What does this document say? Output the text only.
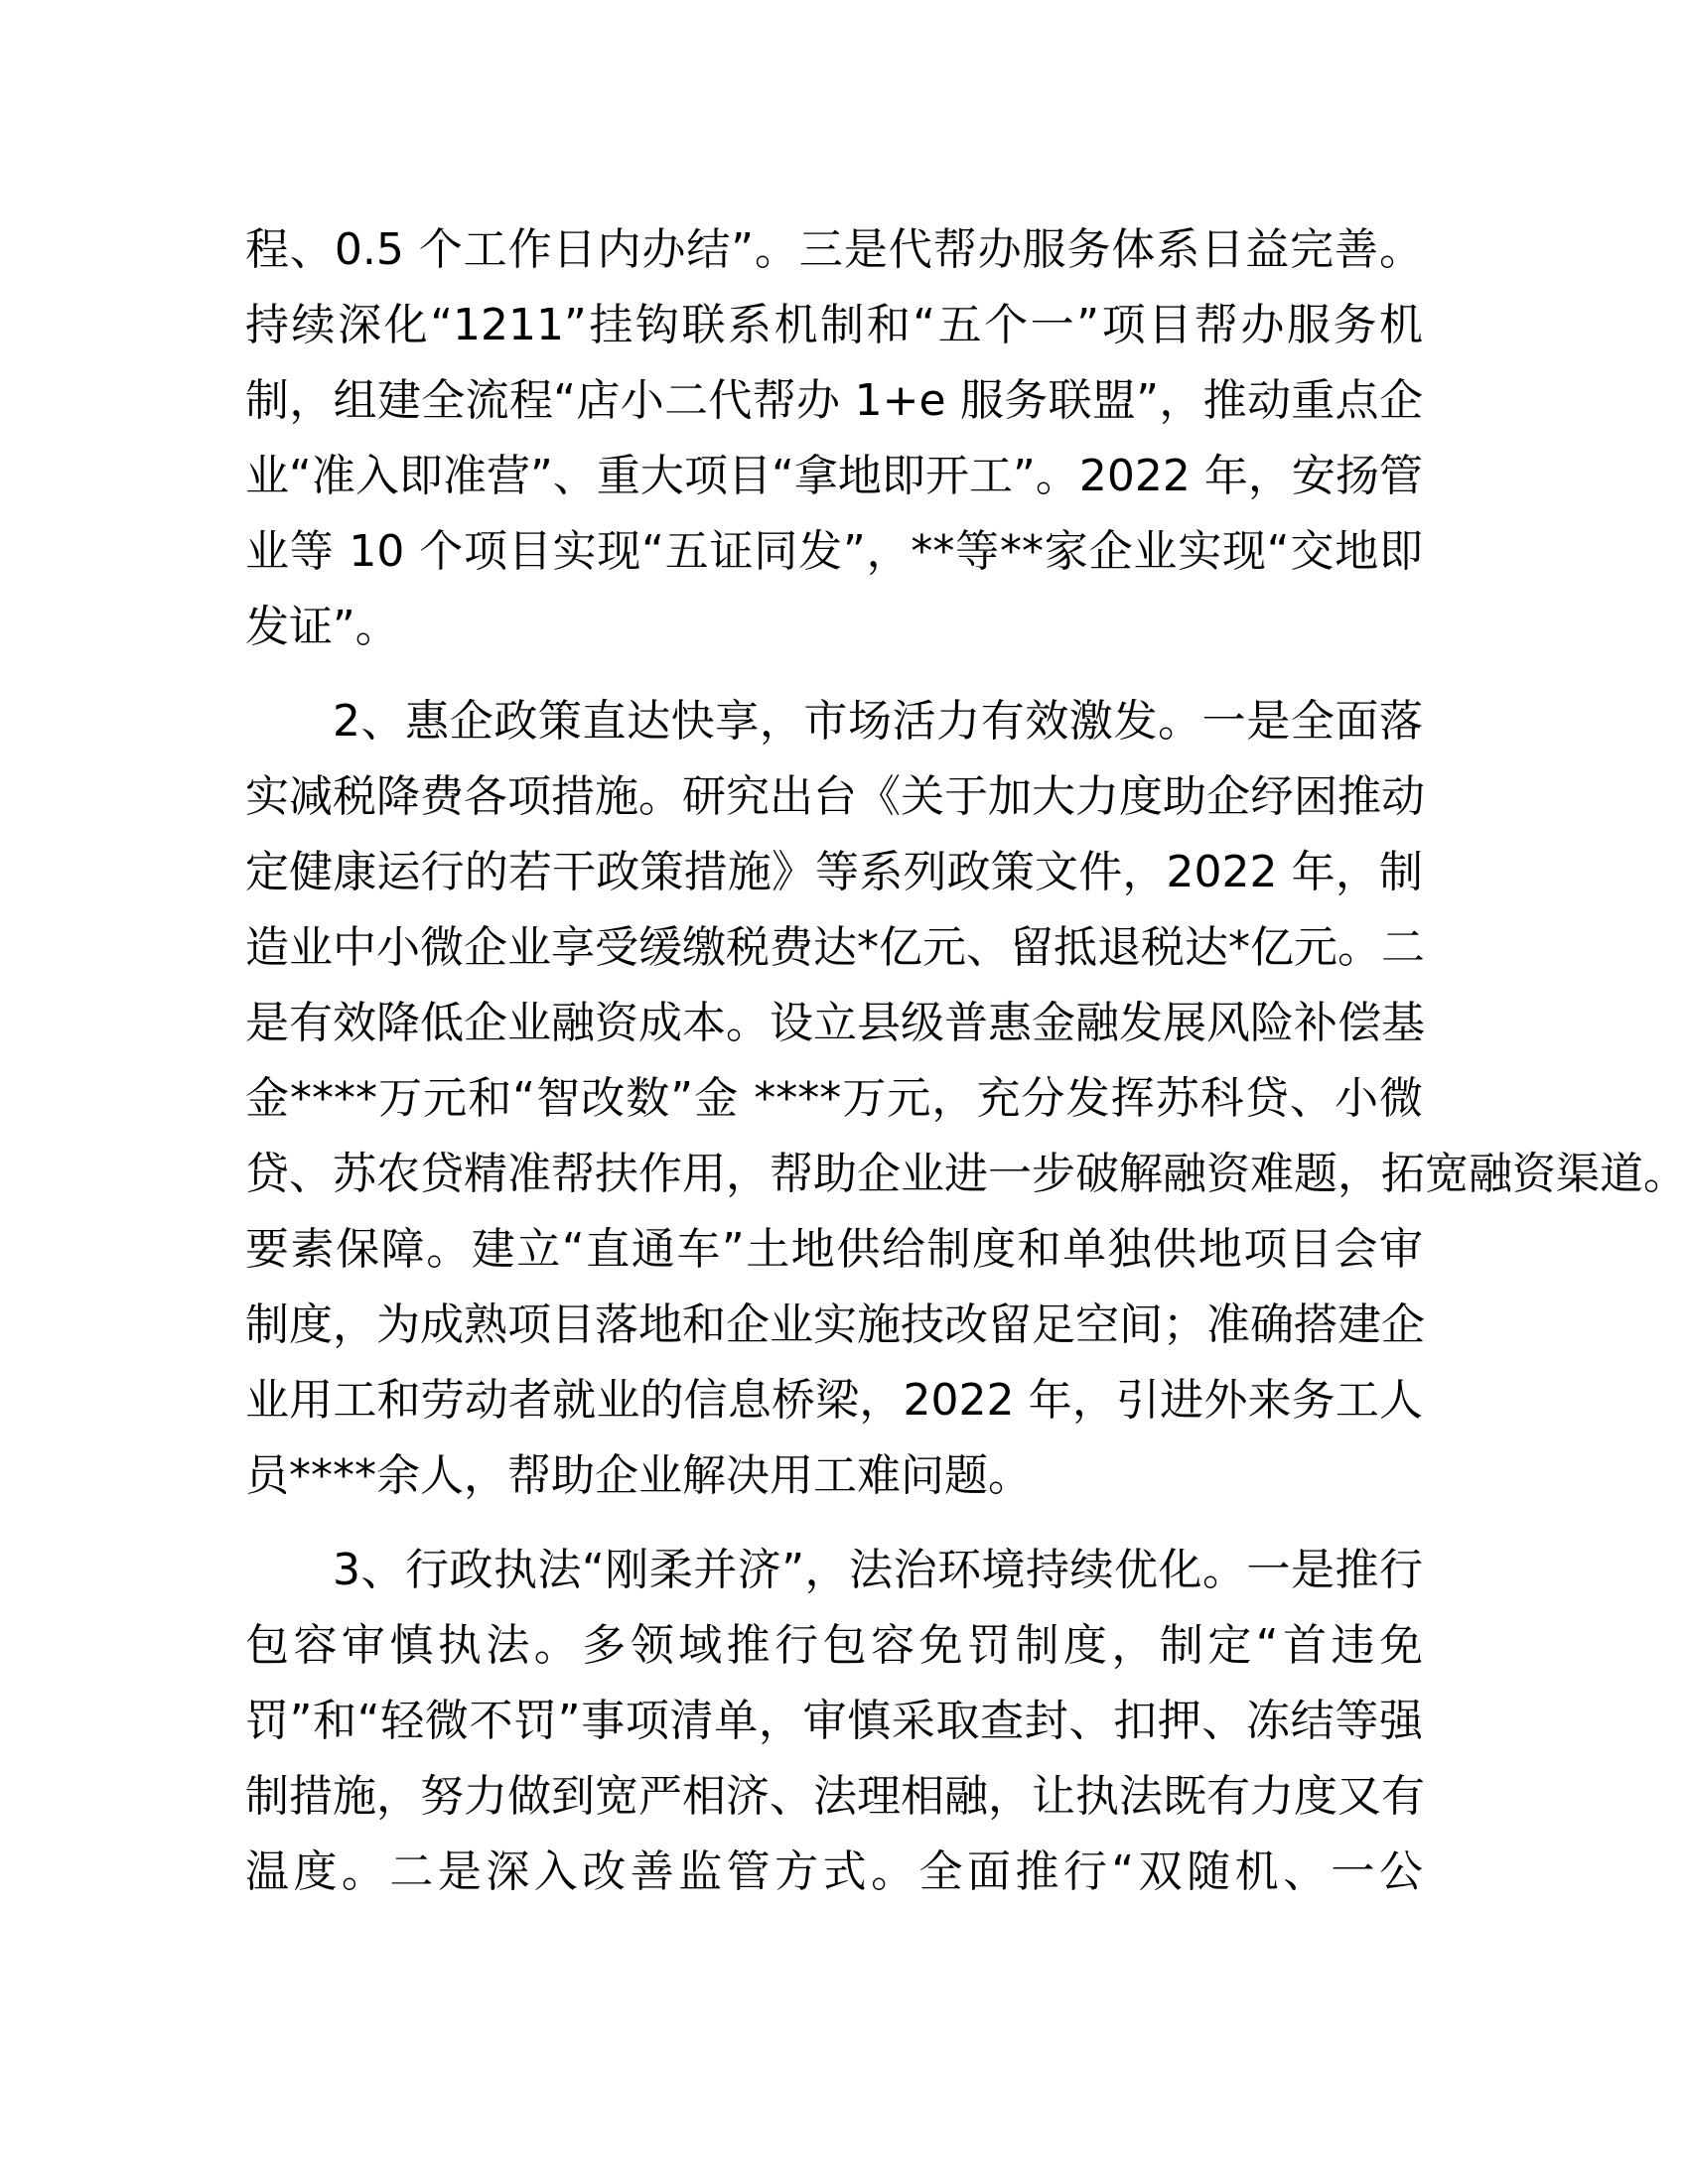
程、0.5 个工作日内办结”。三是代帮办服务体系日益完善。
持续深化“1211”挂钩联系机制和“五个一”项目帮办服务机
制，组建全流程“店小二代帮办 1+e 服务联盟”，推动重点企
业“准入即准营”、重大项目“拿地即开工”。2022 年，安扬管
业等 10 个项目实现“五证同发”，**等**家企业实现“交地即
发证”。
2、惠企政策直达快享，市场活力有效激发。一是全面落
实减税降费各项措施。研究出台《关于加大力度助企纾困推动
定健康运行的若干政策措施》等系列政策文件，2022 年，制
造业中小微企业享受缓缴税费达*亿元、留抵退税达*亿元。二
是有效降低企业融资成本。设立县级普惠金融发展风险补偿基
金****万元和“智改数”金 ****万元，充分发挥苏科贷、小微
贷、苏农贷精准帮扶作用，帮助企业进一步破解融资难题，拓宽融资渠道。
要素保障。建立“直通车”土地供给制度和单独供地项目会审
制度，为成熟项目落地和企业实施技改留足空间；准确搭建企
业用工和劳动者就业的信息桥梁，2022 年，引进外来务工人
员****余人，帮助企业解决用工难问题。
3、行政执法“刚柔并济”，法治环境持续优化。一是推行
包容审慎执法。多领域推行包容免罚制度，制定“首违免
罚”和“轻微不罚”事项清单，审慎采取查封、扣押、冻结等强
制措施，努力做到宽严相济、法理相融，让执法既有力度又有
温度。二是深入改善监管方式。全面推行“双随机、一公
